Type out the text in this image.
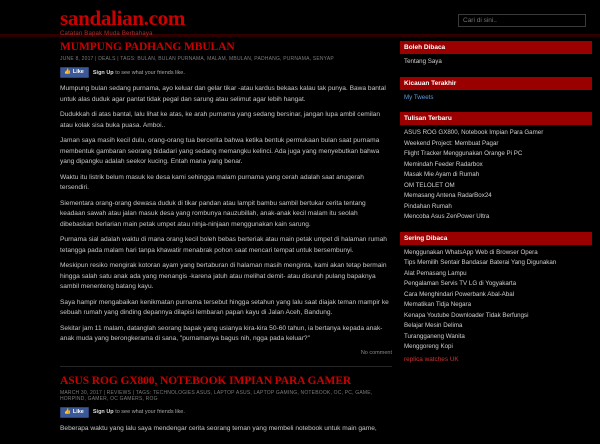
sandalian.com
Catatan Bapak Muda Berbahaya
Cari di sini..
MUMPUNG PADHANG MBULAN
JUNE 8, 2017 | DEALS | TAGS: BULAN, BULAN PURNAMA, MALAM, MBULAN, PADHANG, PURNAMA, SENYAP
👍 Like Sign Up to see what your friends like.

Mumpung bulan sedang purnama, ayo keluar dan gelar tikar -atau kardus bekaas kalau tak punya. Bawa bantal untuk alas duduk agar pantat tidak pegal dan sarung atau selimut agar lebih hangat.

Dudukkah di atas bantal, lalu lihat ke atas, ke arah purnama yang sedang bersinar, jangan lupa ambil cemilan atau kolak sisa buka puasa. Amboi..

Jaman saya masih kecil dulu, orang-orang tua bercerita bahwa ketika bentuk permukaan bulan saat purnama membentuk gambaran seorang bidadari yang sedang memangku kelinci. Ada juga yang menyebutkan bahwa yang dipangku adalah seekor kucing. Entah mana yang benar.

Waktu itu listrik belum masuk ke desa kami sehingga malam purnama yang cerah adalah saat anugerah tersendiri.

Siementara orang-orang dewasa duduk di tikar pandan atau lampit bambu sambil bertukar cerita tentang keadaan sawah atau jalan masuk desa yang rombunya nauzubillah, anak-anak kecil malam itu seolah dibebaskan berlarian main petak umpet atau ninja-ninjaan menggunakan kain sarung.

Purnama sial adalah waktu di mana orang kecil boleh bebas berteriak atau main petak umpet di halaman rumah tetangga pada malam hari tanpa khawatir menabrak pohon saat mencari tempat untuk bersembunyi.

Meskipun resiko mengirak kotoran ayam yang bertaburan di halaman masih menginta, kami akan tetap bermain hingga salah satu anak ada yang menangis -karena jatuh atau melihat demit- atau disuruh pulang bapaknya sambil menenteng batang kayu.

Saya hampir mengabaikan kenikmatan purnama tersebut hingga setahun yang lalu saat diajak teman mampir ke sebuah rumah yang dinding depannya dilapisi lembaran papan kayu di Jalan Aceh, Bandung.

Sekitar jam 11 malam, datanglah seorang bapak yang usianya kira-kira 50-60 tahun, ia bertanya kepada anak-anak muda yang berongkerama di sana, "purnamanya bagus nih, ngga pada keluar?"

No comment
ASUS ROG GX800, NOTEBOOK IMPIAN PARA GAMER
MARCH 30, 2017 | REVIEWS | TAGS: TECHNOLOGIES ASUS, LAPTOP ASUS, LAPTOP GAMING, NOTEBOOK, OC, PC, GAME, HORPIND, GAMER, OC GAMERS, ROG
👍 Like Sign Up to see what your friends like.

Beberapa waktu yang lalu saya mendengar cerita seorang teman yang membeli notebook untuk main game,

Boleh Dibaca
Tentang Saya
Kicauan Terakhir
My Tweets
Tulisan Terbaru
ASUS ROG GX800, Notebook Impian Para Gamer
Weekend Project: Membuat Pagar
Flight Tracker Menggunakan Orange Pi PC
Memindah Feeder Radarbox
Masak Mie Ayam di Rumah
OM TELOLET OM
Memasang Antena RadarBox24
Pindahan Rumah
Mencoba Asus ZenPower Ultra
Sering Dibaca
Menggunakan WhatsApp Web di Browser Opera
Tips Memilih Sentair Bandasar Baterai Yang Digunakan
Alat Pemasang Lampu
Pengalaman Servis TV LG di Yogyakarta
Cara Menghindari Powerbank Abal-Abal
Mematikan Tidja Negara
Kenapa Youtube Downloader Tidak Berfungsi
Belajar Mesin Delima
Turangganeng Wanita
Menggoreng Kopi
replica watches UK
